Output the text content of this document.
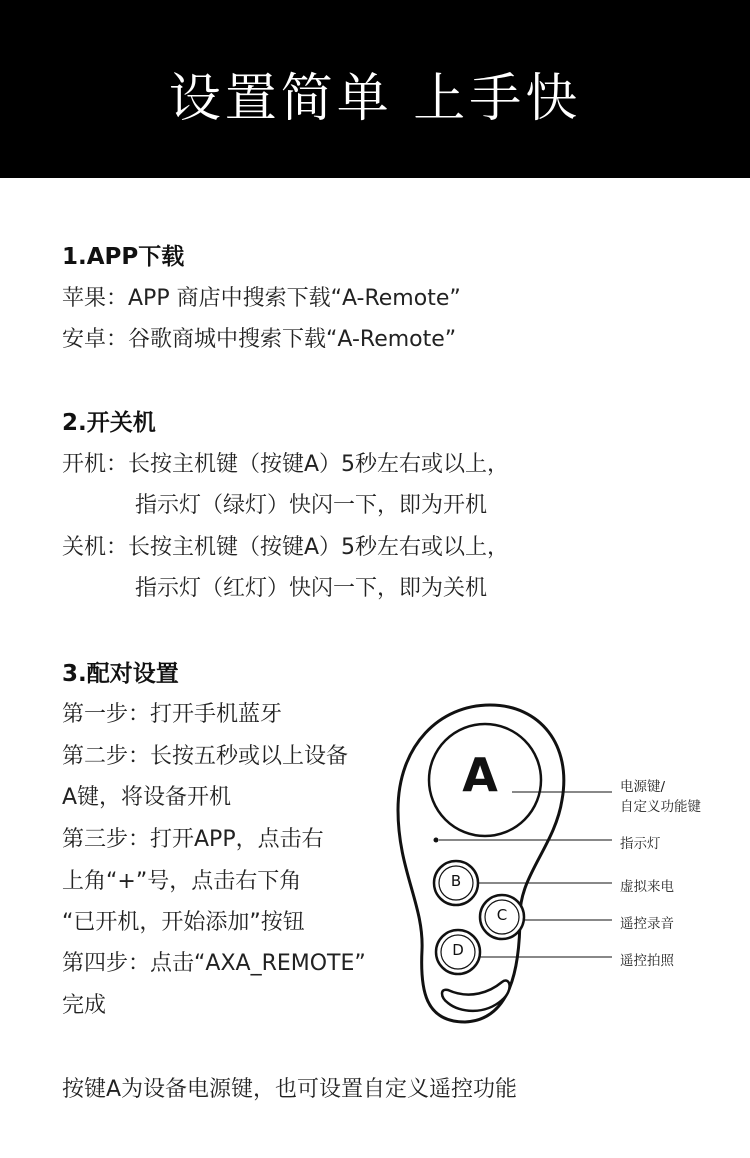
设置简单 上手快
1.APP下载
苹果：APP 商店中搜索下载“A-Remote”
安卓：谷歌商城中搜索下载“A-Remote”
2.开关机
开机：长按主机键（按键A）5秒左右或以上，
指示灯（绿灯）快闪一下，即为开机
关机：长按主机键（按键A）5秒左右或以上，
指示灯（红灯）快闪一下，即为关机
3.配对设置
第一步：打开手机蓝牙
第二步：长按五秒或以上设备
A键，将设备开机
第三步：打开APP，点击右
上角“+”号，点击右下角
“已开机，开始添加”按钮
第四步：点击“AXA_REMOTE”
完成
A
B
C
D
电源键/
自定义功能键
指示灯
虚拟来电
遥控录音
遥控拍照
按键A为设备电源键，也可设置自定义遥控功能
